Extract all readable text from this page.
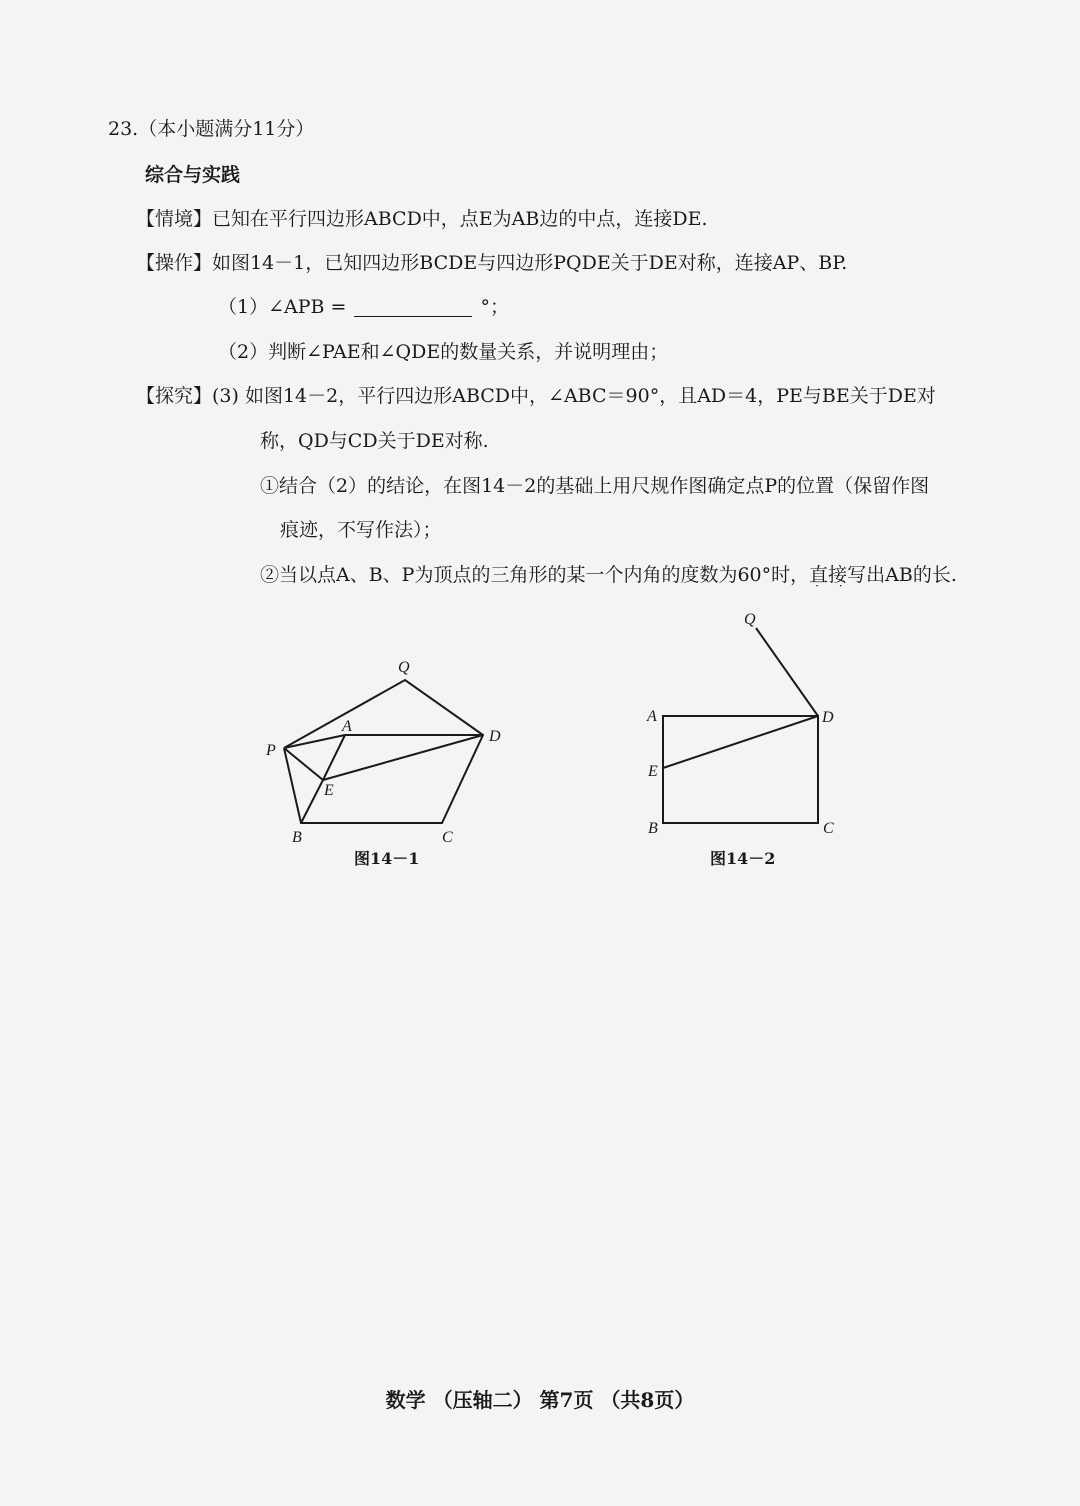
23.（本小题满分11分）
综合与实践
【情境】已知在平行四边形ABCD中，点E为AB边的中点，连接DE.
【操作】如图14－1，已知四边形BCDE与四边形PQDE关于DE对称，连接AP、BP.
（1）∠APB =	°；
（2）判断∠PAE和∠QDE的数量关系，并说明理由；
【探究】(3) 如图14－2，平行四边形ABCD中，∠ABC＝90°，且AD＝4，PE与BE关于DE对
称，QD与CD关于DE对称.
①结合（2）的结论，在图14－2的基础上用尺规作图确定点P的位置（保留作图
痕迹，不写作法）；
②当以点A、B、P为顶点的三角形的某一个内角的度数为60°时，直接 · ·写出AB的长.
Q
A
D
P
E
B	C
图14－1
Q
A	D
E
B	C
图14－2
数学 （压轴二） 第7页 （共8页）
